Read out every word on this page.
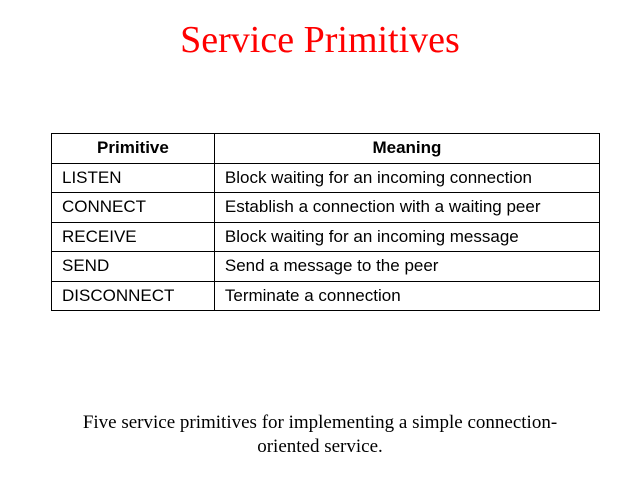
Service Primitives
Primitive	Meaning
LISTEN	Block waiting for an incoming connection
CONNECT	Establish a connection with a waiting peer
RECEIVE	Block waiting for an incoming message
SEND	Send a message to the peer
DISCONNECT	Terminate a connection
Five service primitives for implementing a simple connection-
oriented service.
